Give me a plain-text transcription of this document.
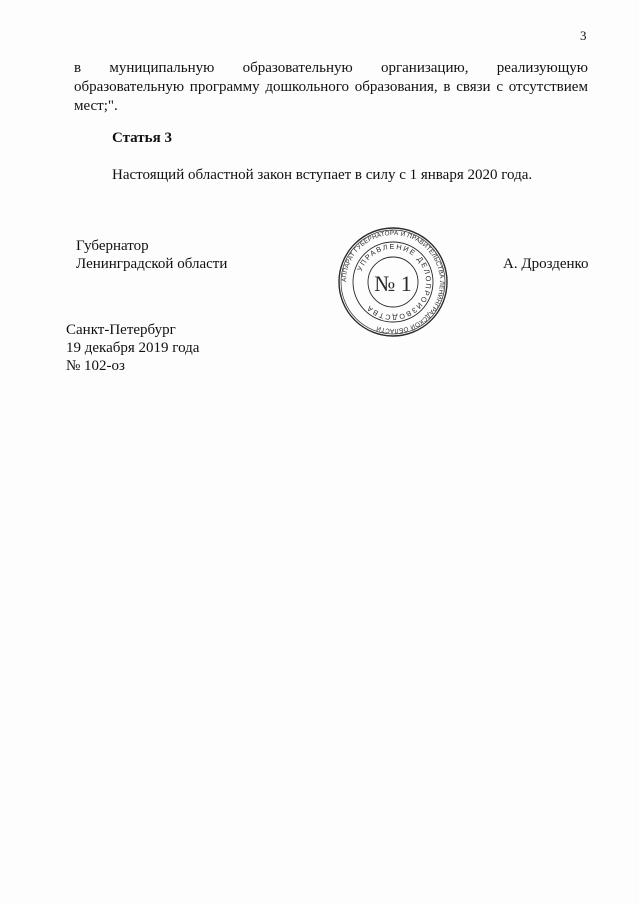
3
в муниципальную образовательную организацию, реализующую
образовательную программу дошкольного образования, в связи с отсутствием
мест;".
Статья 3
Настоящий областной закон вступает в силу с 1 января 2020 года.
Губернатор
Ленинградской области	А. Дрозденко
АППАРАТ ГУБЕРНАТОРА И ПРАВИТЕЛЬСТВА ЛЕНИНГРАДСКОЙ ОБЛАСТИ
УПРАВЛЕНИЕ ДЕЛОПРОИЗВОДСТВА
№ 1
Санкт-Петербург
19 декабря 2019 года
№ 102-оз
